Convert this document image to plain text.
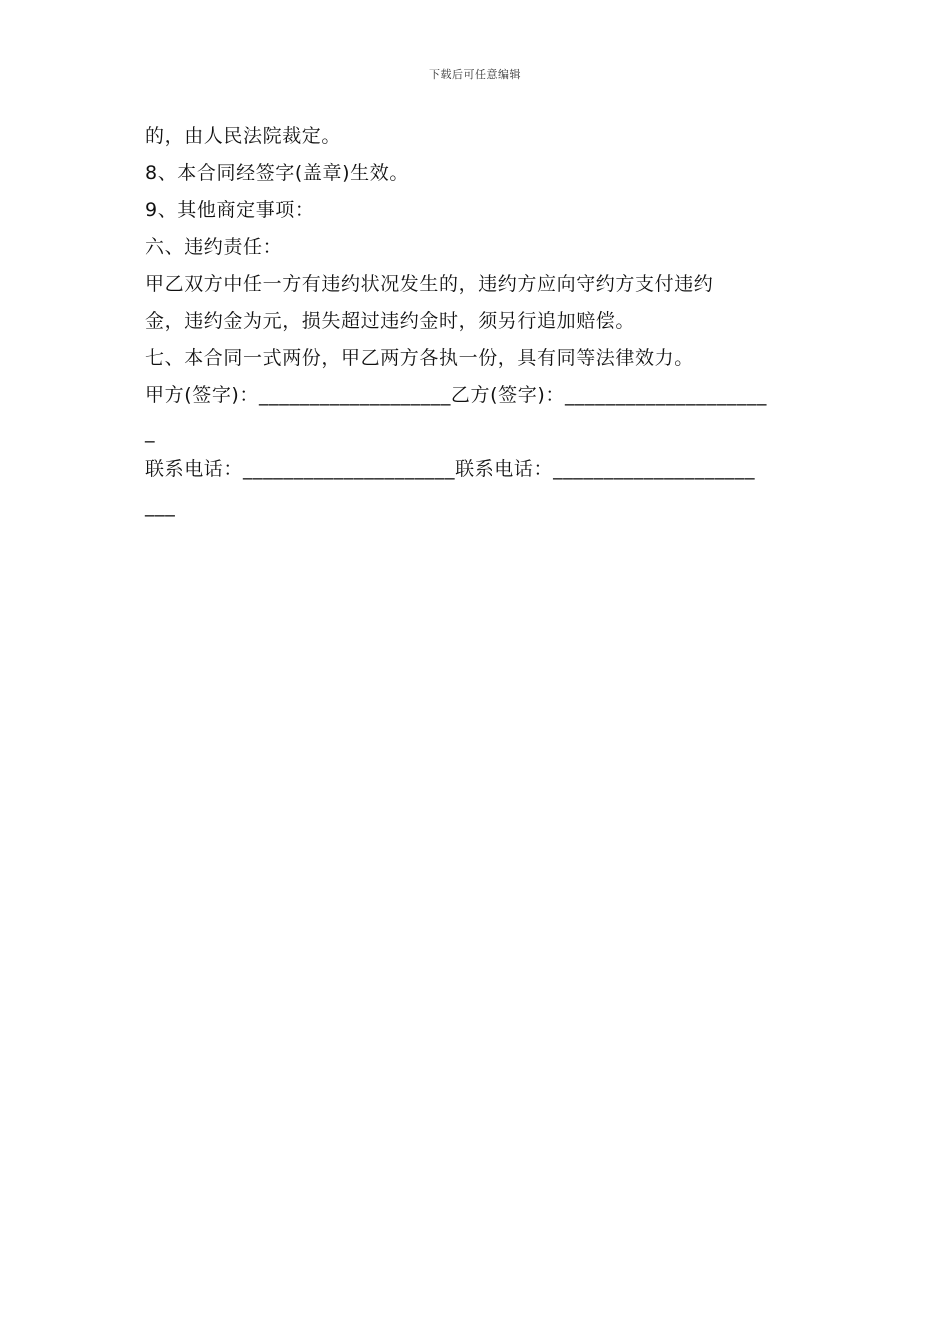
下载后可任意编辑
的，由人民法院裁定。
8、本合同经签字(盖章)生效。
9、其他商定事项：
六、违约责任：
甲乙双方中任一方有违约状况发生的，违约方应向守约方支付违约
金，违约金为元，损失超过违约金时，须另行追加赔偿。
七、本合同一式两份，甲乙两方各执一份，具有同等法律效力。
甲方(签字)：___________________乙方(签字)：____________________
_
联系电话：_____________________联系电话：____________________
___
